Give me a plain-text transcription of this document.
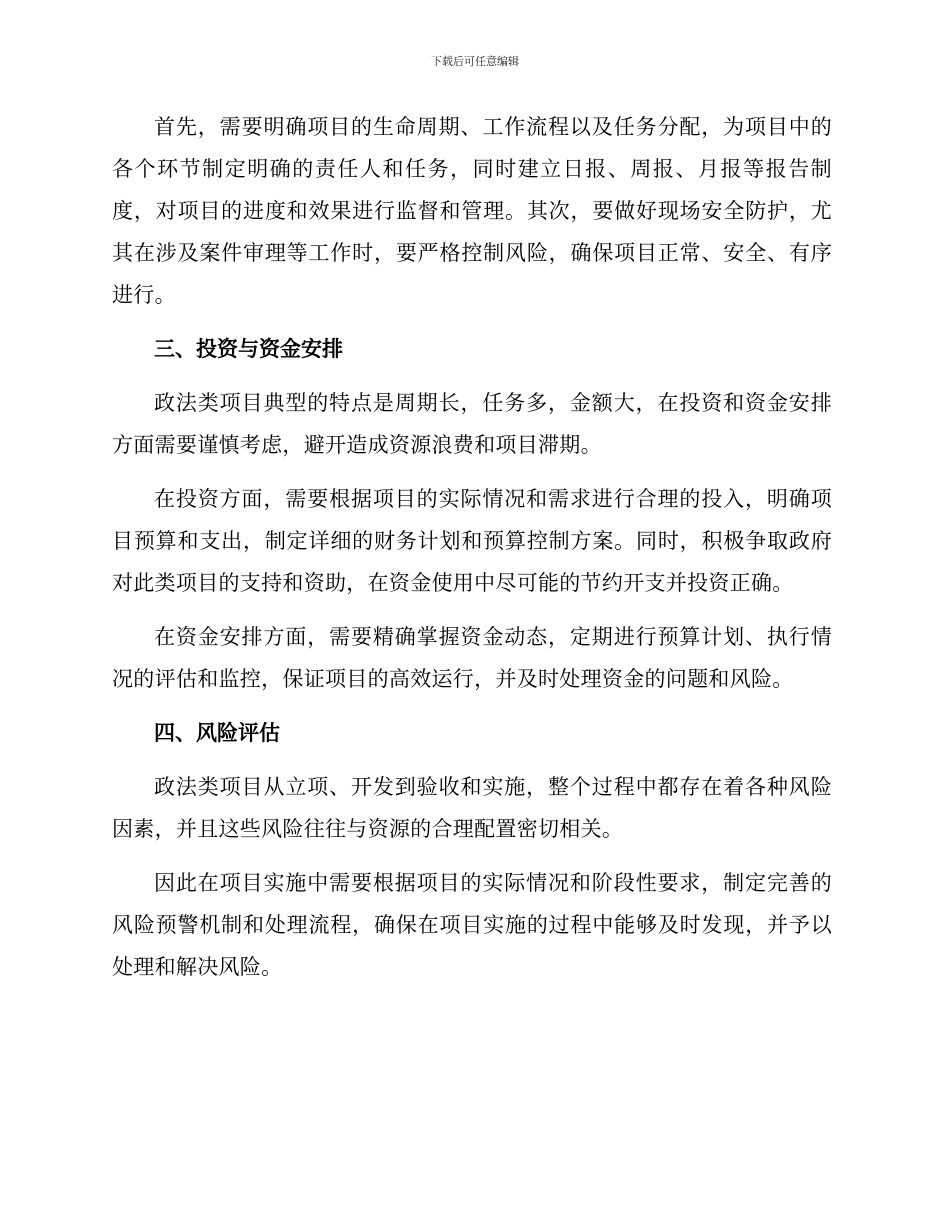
下载后可任意编辑

首先，需要明确项目的生命周期、工作流程以及任务分配，为项目中的各个环节制定明确的责任人和任务，同时建立日报、周报、月报等报告制度，对项目的进度和效果进行监督和管理。其次，要做好现场安全防护，尤其在涉及案件审理等工作时，要严格控制风险，确保项目正常、安全、有序进行。

三、投资与资金安排

政法类项目典型的特点是周期长，任务多，金额大，在投资和资金安排方面需要谨慎考虑，避开造成资源浪费和项目滞期。

在投资方面，需要根据项目的实际情况和需求进行合理的投入，明确项目预算和支出，制定详细的财务计划和预算控制方案。同时，积极争取政府对此类项目的支持和资助，在资金使用中尽可能的节约开支并投资正确。

在资金安排方面，需要精确掌握资金动态，定期进行预算计划、执行情况的评估和监控，保证项目的高效运行，并及时处理资金的问题和风险。

四、风险评估

政法类项目从立项、开发到验收和实施，整个过程中都存在着各种风险因素，并且这些风险往往与资源的合理配置密切相关。

因此在项目实施中需要根据项目的实际情况和阶段性要求，制定完善的风险预警机制和处理流程，确保在项目实施的过程中能够及时发现，并予以处理和解决风险。
